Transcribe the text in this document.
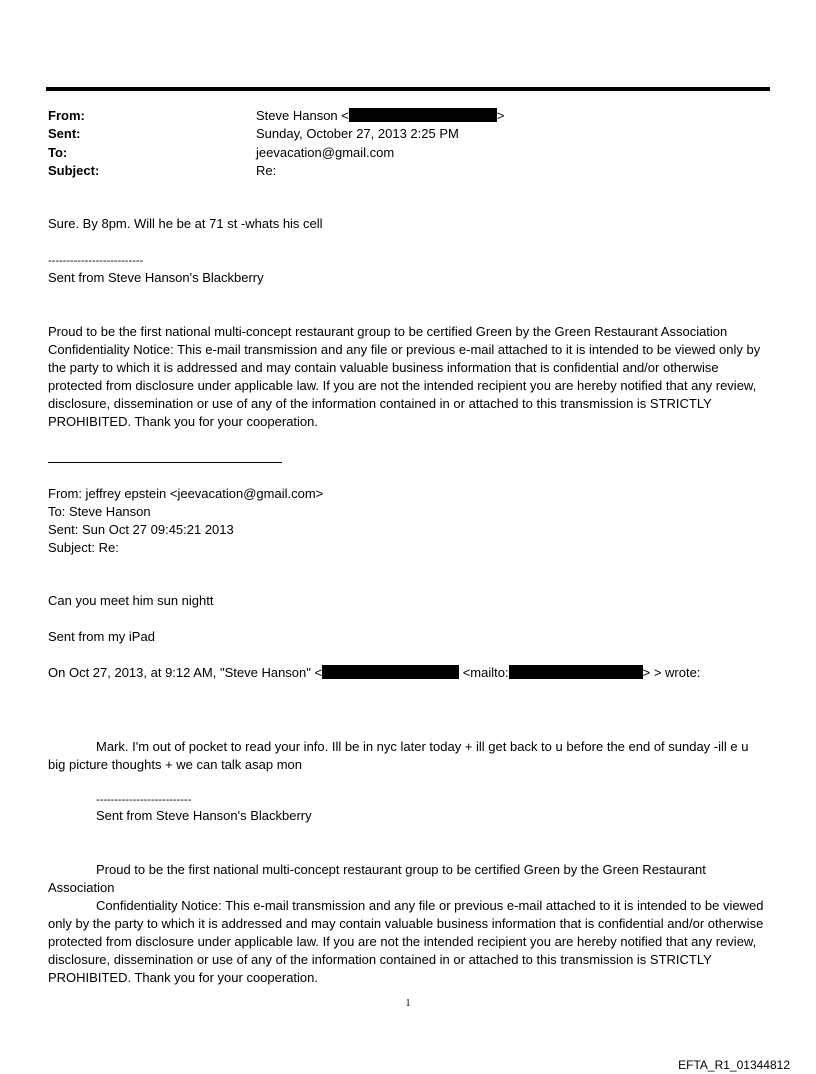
From:	Steve Hanson <	>
Sent:	Sunday, October 27, 2013 2:25 PM
To:	jeevacation@gmail.com
Subject:	Re:
Sure. By 8pm. Will he be at 71 st -whats his cell
--------------------------
Sent from Steve Hanson's Blackberry
Proud to be the first national multi-concept restaurant group to be certified Green by the Green Restaurant Association
Confidentiality Notice: This e-mail transmission and any file or previous e-mail attached to it is intended to be viewed only by the party to which it is addressed and may contain valuable business information that is confidential and/or otherwise protected from disclosure under applicable law. If you are not the intended recipient you are hereby notified that any review, disclosure, dissemination or use of any of the information contained in or attached to this transmission is STRICTLY PROHIBITED. Thank you for your cooperation.
From: jeffrey epstein <jeevacation@gmail.com>
To: Steve Hanson
Sent: Sun Oct 27 09:45:21 2013
Subject: Re:
Can you meet him sun nightt
Sent from my iPad
On Oct 27, 2013, at 9:12 AM, "Steve Hanson" <	<mailto:	> > wrote:
Mark. I'm out of pocket to read your info. Ill be in nyc later today + ill get back to u before the end of sunday -ill e u big picture thoughts + we can talk asap mon
--------------------------
Sent from Steve Hanson's Blackberry
Proud to be the first national multi-concept restaurant group to be certified Green by the Green Restaurant Association
Confidentiality Notice: This e-mail transmission and any file or previous e-mail attached to it is intended to be viewed only by the party to which it is addressed and may contain valuable business information that is confidential and/or otherwise protected from disclosure under applicable law. If you are not the intended recipient you are hereby notified that any review, disclosure, dissemination or use of any of the information contained in or attached to this transmission is STRICTLY PROHIBITED. Thank you for your cooperation.
1
EFTA_R1_01344812
